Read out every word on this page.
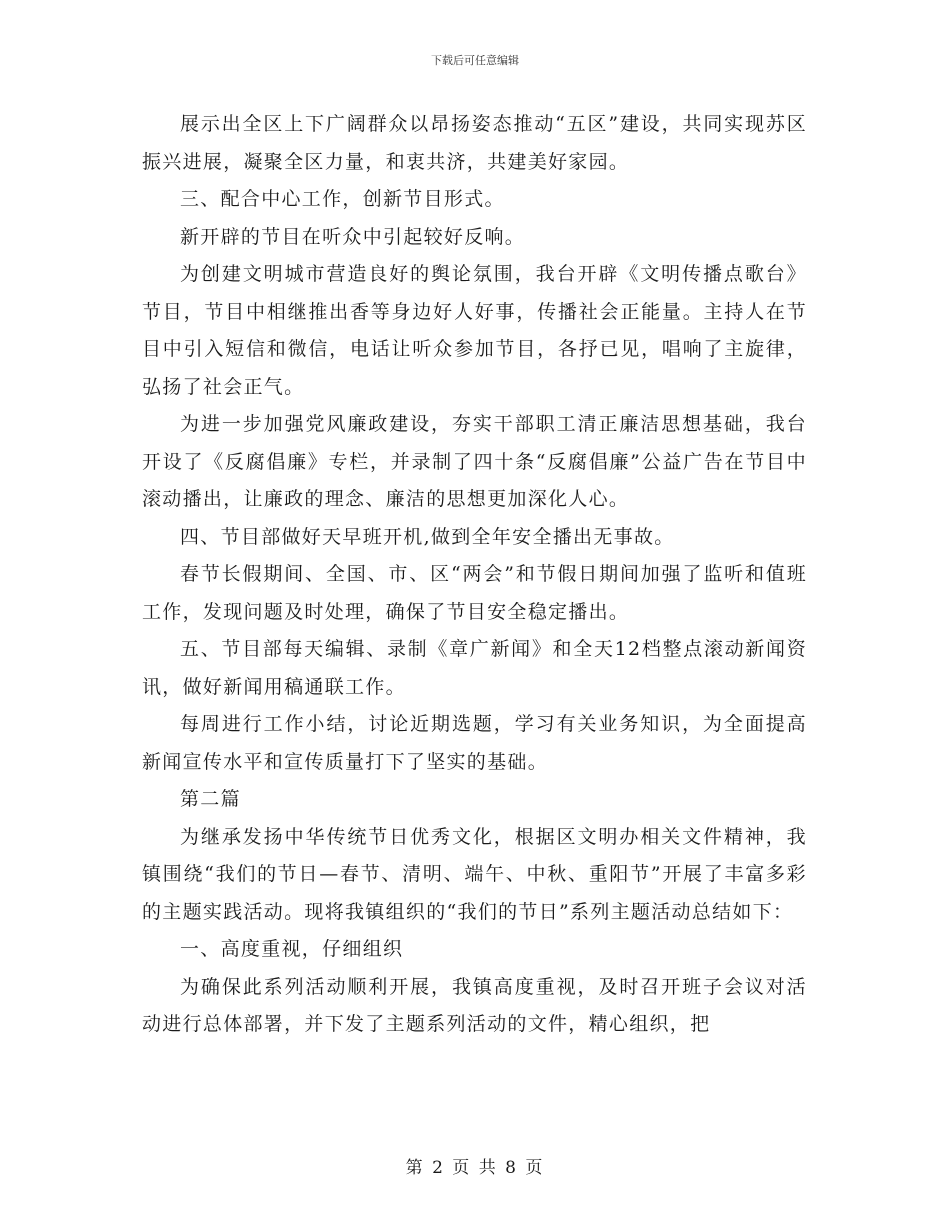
下载后可任意编辑

展示出全区上下广阔群众以昂扬姿态推动“五区”建设，共同实现苏区振兴进展，凝聚全区力量，和衷共济，共建美好家园。

三、配合中心工作，创新节目形式。

新开辟的节目在听众中引起较好反响。

为创建文明城市营造良好的舆论氛围，我台开辟《文明传播点歌台》节目，节目中相继推出香等身边好人好事，传播社会正能量。主持人在节目中引入短信和微信，电话让听众参加节目，各抒已见，唱响了主旋律，弘扬了社会正气。

为进一步加强党风廉政建设，夯实干部职工清正廉洁思想基础，我台开设了《反腐倡廉》专栏，并录制了四十条“反腐倡廉”公益广告在节目中滚动播出，让廉政的理念、廉洁的思想更加深化人心。

四、节目部做好天早班开机,做到全年安全播出无事故。

春节长假期间、全国、市、区“两会”和节假日期间加强了监听和值班工作，发现问题及时处理，确保了节目安全稳定播出。

五、节目部每天编辑、录制《章广新闻》和全天12档整点滚动新闻资讯，做好新闻用稿通联工作。

每周进行工作小结，讨论近期选题，学习有关业务知识，为全面提高新闻宣传水平和宣传质量打下了坚实的基础。

第二篇

为继承发扬中华传统节日优秀文化，根据区文明办相关文件精神，我镇围绕“我们的节日—春节、清明、端午、中秋、重阳节”开展了丰富多彩的主题实践活动。现将我镇组织的“我们的节日”系列主题活动总结如下：

一、高度重视，仔细组织

为确保此系列活动顺利开展，我镇高度重视，及时召开班子会议对活动进行总体部署，并下发了主题系列活动的文件，精心组织，把

第 2 页 共 8 页
